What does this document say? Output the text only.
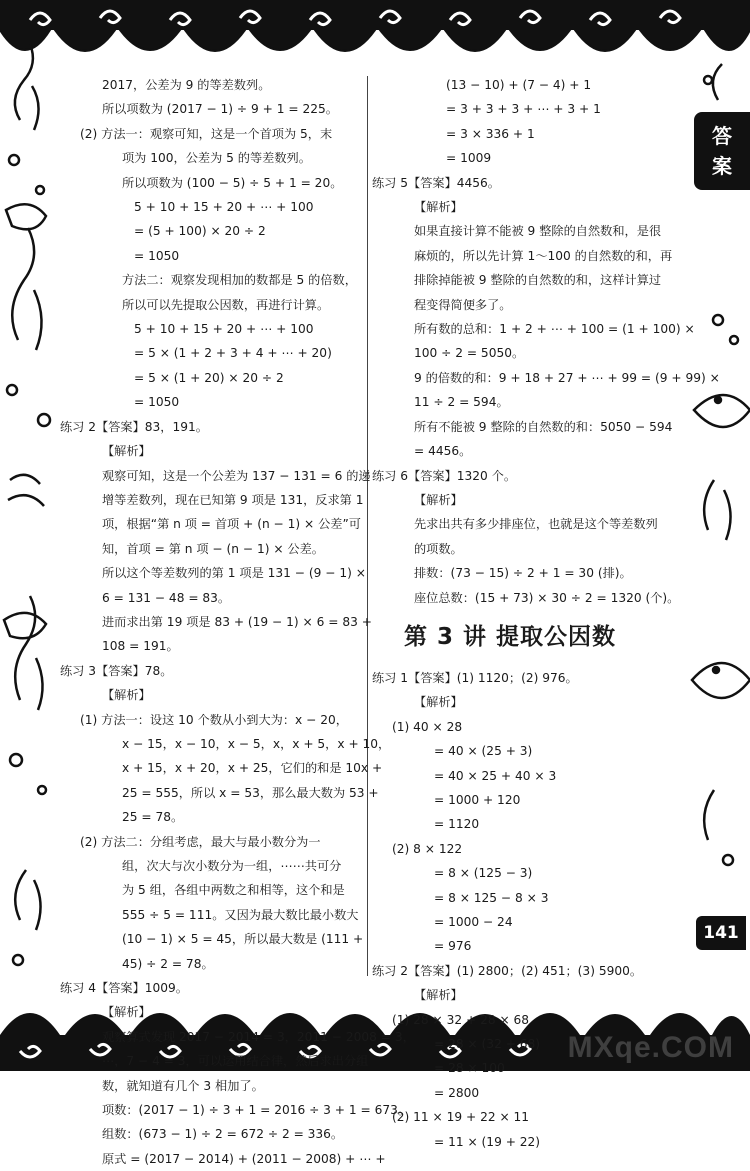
答
案
141
MXqe.COM
2017，公差为 9 的等差数列。
所以项数为 (2017 − 1) ÷ 9 + 1 = 225。
(2) 方法一：观察可知，这是一个首项为 5，末
项为 100，公差为 5 的等差数列。
所以项数为 (100 − 5) ÷ 5 + 1 = 20。
5 + 10 + 15 + 20 + ⋯ + 100
= (5 + 100) × 20 ÷ 2
= 1050
方法二：观察发现相加的数都是 5 的倍数，
所以可以先提取公因数，再进行计算。
5 + 10 + 15 + 20 + ⋯ + 100
= 5 × (1 + 2 + 3 + 4 + ⋯ + 20)
= 5 × (1 + 20) × 20 ÷ 2
= 1050
练习 2【答案】83，191。
【解析】
观察可知，这是一个公差为 137 − 131 = 6 的递
增等差数列，现在已知第 9 项是 131，反求第 1
项，根据“第 n 项 = 首项 + (n − 1) × 公差”可
知，首项 = 第 n 项 − (n − 1) × 公差。
所以这个等差数列的第 1 项是 131 − (9 − 1) ×
6 = 131 − 48 = 83。
进而求出第 19 项是 83 + (19 − 1) × 6 = 83 +
108 = 191。
练习 3【答案】78。
【解析】
(1) 方法一：设这 10 个数从小到大为：x − 20，
x − 15，x − 10，x − 5，x，x + 5，x + 10，
x + 15，x + 20，x + 25，它们的和是 10x +
25 = 555，所以 x = 53，那么最大数为 53 +
25 = 78。
(2) 方法二：分组考虑，最大与最小数分为一
组，次大与次小数分为一组，⋯⋯共可分
为 5 组，各组中两数之和相等，这个和是
555 ÷ 5 = 111。又因为最大数比最小数大
(10 − 1) × 5 = 45，所以最大数是 (111 +
45) ÷ 2 = 78。
练习 4【答案】1009。
【解析】
观察算式发现 2017 − 2014 = 3，2011 − 2008 = 3，
⋯，7 − 4 = 3，可以运用结合律，然后求出分组
数，就知道有几个 3 相加了。
项数：(2017 − 1) ÷ 3 + 1 = 2016 ÷ 3 + 1 = 673。
组数：(673 − 1) ÷ 2 = 672 ÷ 2 = 336。
原式 = (2017 − 2014) + (2011 − 2008) + ⋯ +
(13 − 10) + (7 − 4) + 1
= 3 + 3 + 3 + ⋯ + 3 + 1
= 3 × 336 + 1
= 1009
练习 5【答案】4456。
【解析】
如果直接计算不能被 9 整除的自然数和，是很
麻烦的，所以先计算 1～100 的自然数的和，再
排除掉能被 9 整除的自然数的和，这样计算过
程变得简便多了。
所有数的总和：1 + 2 + ⋯ + 100 = (1 + 100) ×
100 ÷ 2 = 5050。
9 的倍数的和：9 + 18 + 27 + ⋯ + 99 = (9 + 99) ×
11 ÷ 2 = 594。
所有不能被 9 整除的自然数的和：5050 − 594
= 4456。
练习 6【答案】1320 个。
【解析】
先求出共有多少排座位，也就是这个等差数列
的项数。
排数：(73 − 15) ÷ 2 + 1 = 30 (排)。
座位总数：(15 + 73) × 30 ÷ 2 = 1320 (个)。
第 3 讲 提取公因数
练习 1【答案】(1) 1120；(2) 976。
【解析】
(1) 40 × 28
= 40 × (25 + 3)
= 40 × 25 + 40 × 3
= 1000 + 120
= 1120
(2) 8 × 122
= 8 × (125 − 3)
= 8 × 125 − 8 × 3
= 1000 − 24
= 976
练习 2【答案】(1) 2800；(2) 451；(3) 5900。
【解析】
(1) 28 × 32 + 28 × 68
= 28 × (32 + 68)
= 28 × 100
= 2800
(2) 11 × 19 + 22 × 11
= 11 × (19 + 22)
